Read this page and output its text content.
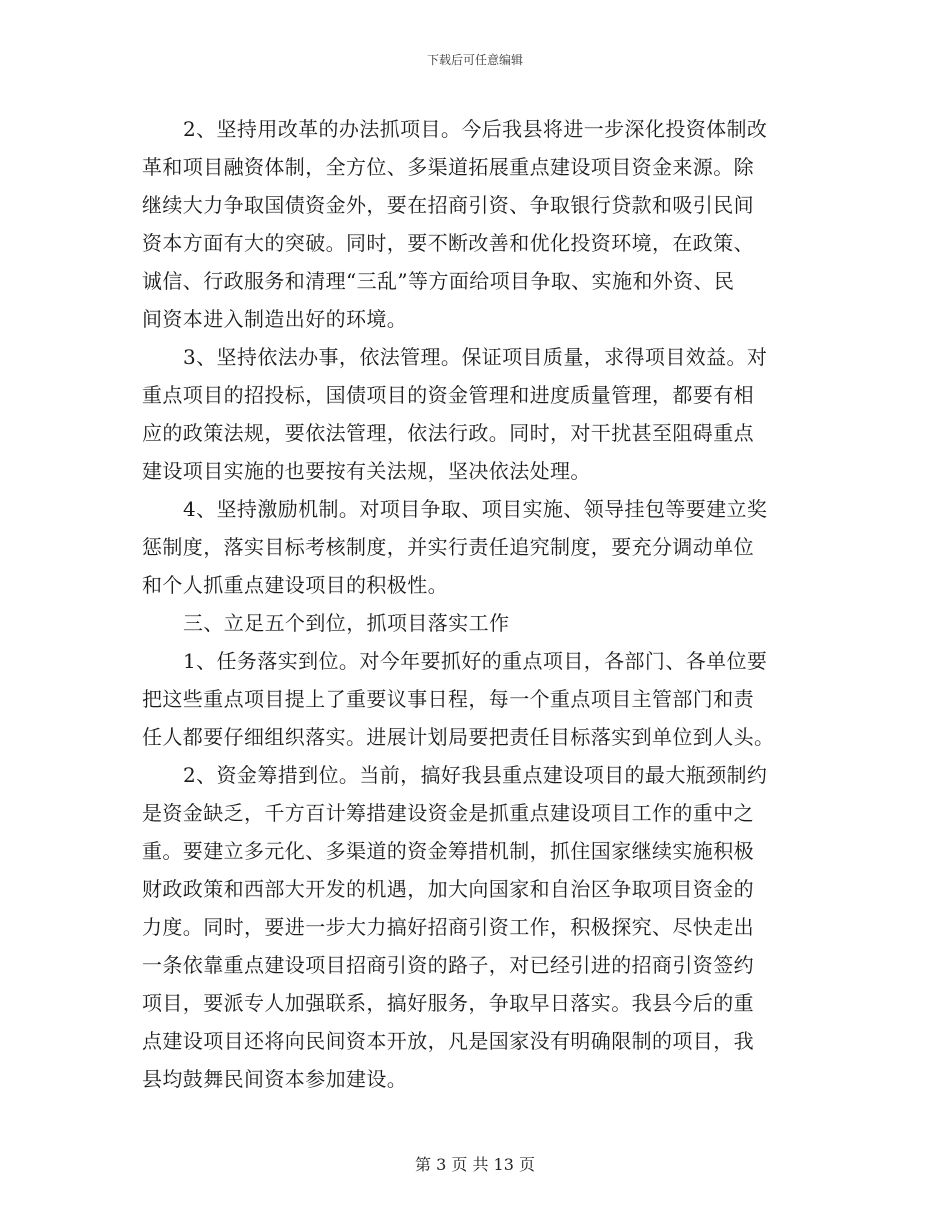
下载后可任意编辑
2、坚持用改革的办法抓项目。今后我县将进一步深化投资体制改
革和项目融资体制，全方位、多渠道拓展重点建设项目资金来源。除
继续大力争取国债资金外，要在招商引资、争取银行贷款和吸引民间
资本方面有大的突破。同时，要不断改善和优化投资环境，在政策、
诚信、行政服务和清理“三乱”等方面给项目争取、实施和外资、民
间资本进入制造出好的环境。
3、坚持依法办事，依法管理。保证项目质量，求得项目效益。对
重点项目的招投标，国债项目的资金管理和进度质量管理，都要有相
应的政策法规，要依法管理，依法行政。同时，对干扰甚至阻碍重点
建设项目实施的也要按有关法规，坚决依法处理。
4、坚持激励机制。对项目争取、项目实施、领导挂包等要建立奖
惩制度，落实目标考核制度，并实行责任追究制度，要充分调动单位
和个人抓重点建设项目的积极性。
三、立足五个到位，抓项目落实工作
1、任务落实到位。对今年要抓好的重点项目，各部门、各单位要
把这些重点项目提上了重要议事日程，每一个重点项目主管部门和责
任人都要仔细组织落实。进展计划局要把责任目标落实到单位到人头。
2、资金筹措到位。当前，搞好我县重点建设项目的最大瓶颈制约
是资金缺乏，千方百计筹措建设资金是抓重点建设项目工作的重中之
重。要建立多元化、多渠道的资金筹措机制，抓住国家继续实施积极
财政政策和西部大开发的机遇，加大向国家和自治区争取项目资金的
力度。同时，要进一步大力搞好招商引资工作，积极探究、尽快走出
一条依靠重点建设项目招商引资的路子，对已经引进的招商引资签约
项目，要派专人加强联系，搞好服务，争取早日落实。我县今后的重
点建设项目还将向民间资本开放，凡是国家没有明确限制的项目，我
县均鼓舞民间资本参加建设。
第 3 页 共 13 页
